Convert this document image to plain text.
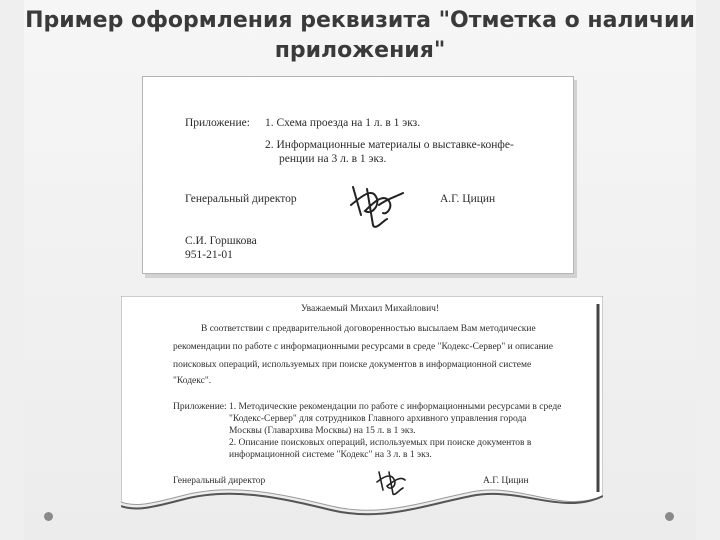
Пример оформления реквизита "Отметка о наличии
приложения"
Приложение: 1. Схема проезда на 1 л. в 1 экз.
2. Информационные материалы о выставке-конфе-
ренции на 3 л. в 1 экз.
Генеральный директор	А.Г. Цицин
С.И. Горшкова
951-21-01
Уважаемый Михаил Михайлович!
В соответствии с предварительной договоренностью высылаем Вам методические
рекомендации по работе с информационными ресурсами в среде "Кодекс-Сервер" и описание
поисковых операций, используемых при поиске документов в информационной системе
"Кодекс".
Приложение: 1. Методические рекомендации по работе с информационными ресурсами в среде
"Кодекс-Сервер" для сотрудников Главного архивного управления города
Москвы (Главархива Москвы) на 15 л. в 1 экз.
2. Описание поисковых операций, используемых при поиске документов в
информационной системе "Кодекс" на 3 л. в 1 экз.
Генеральный директор	А.Г. Цицин
